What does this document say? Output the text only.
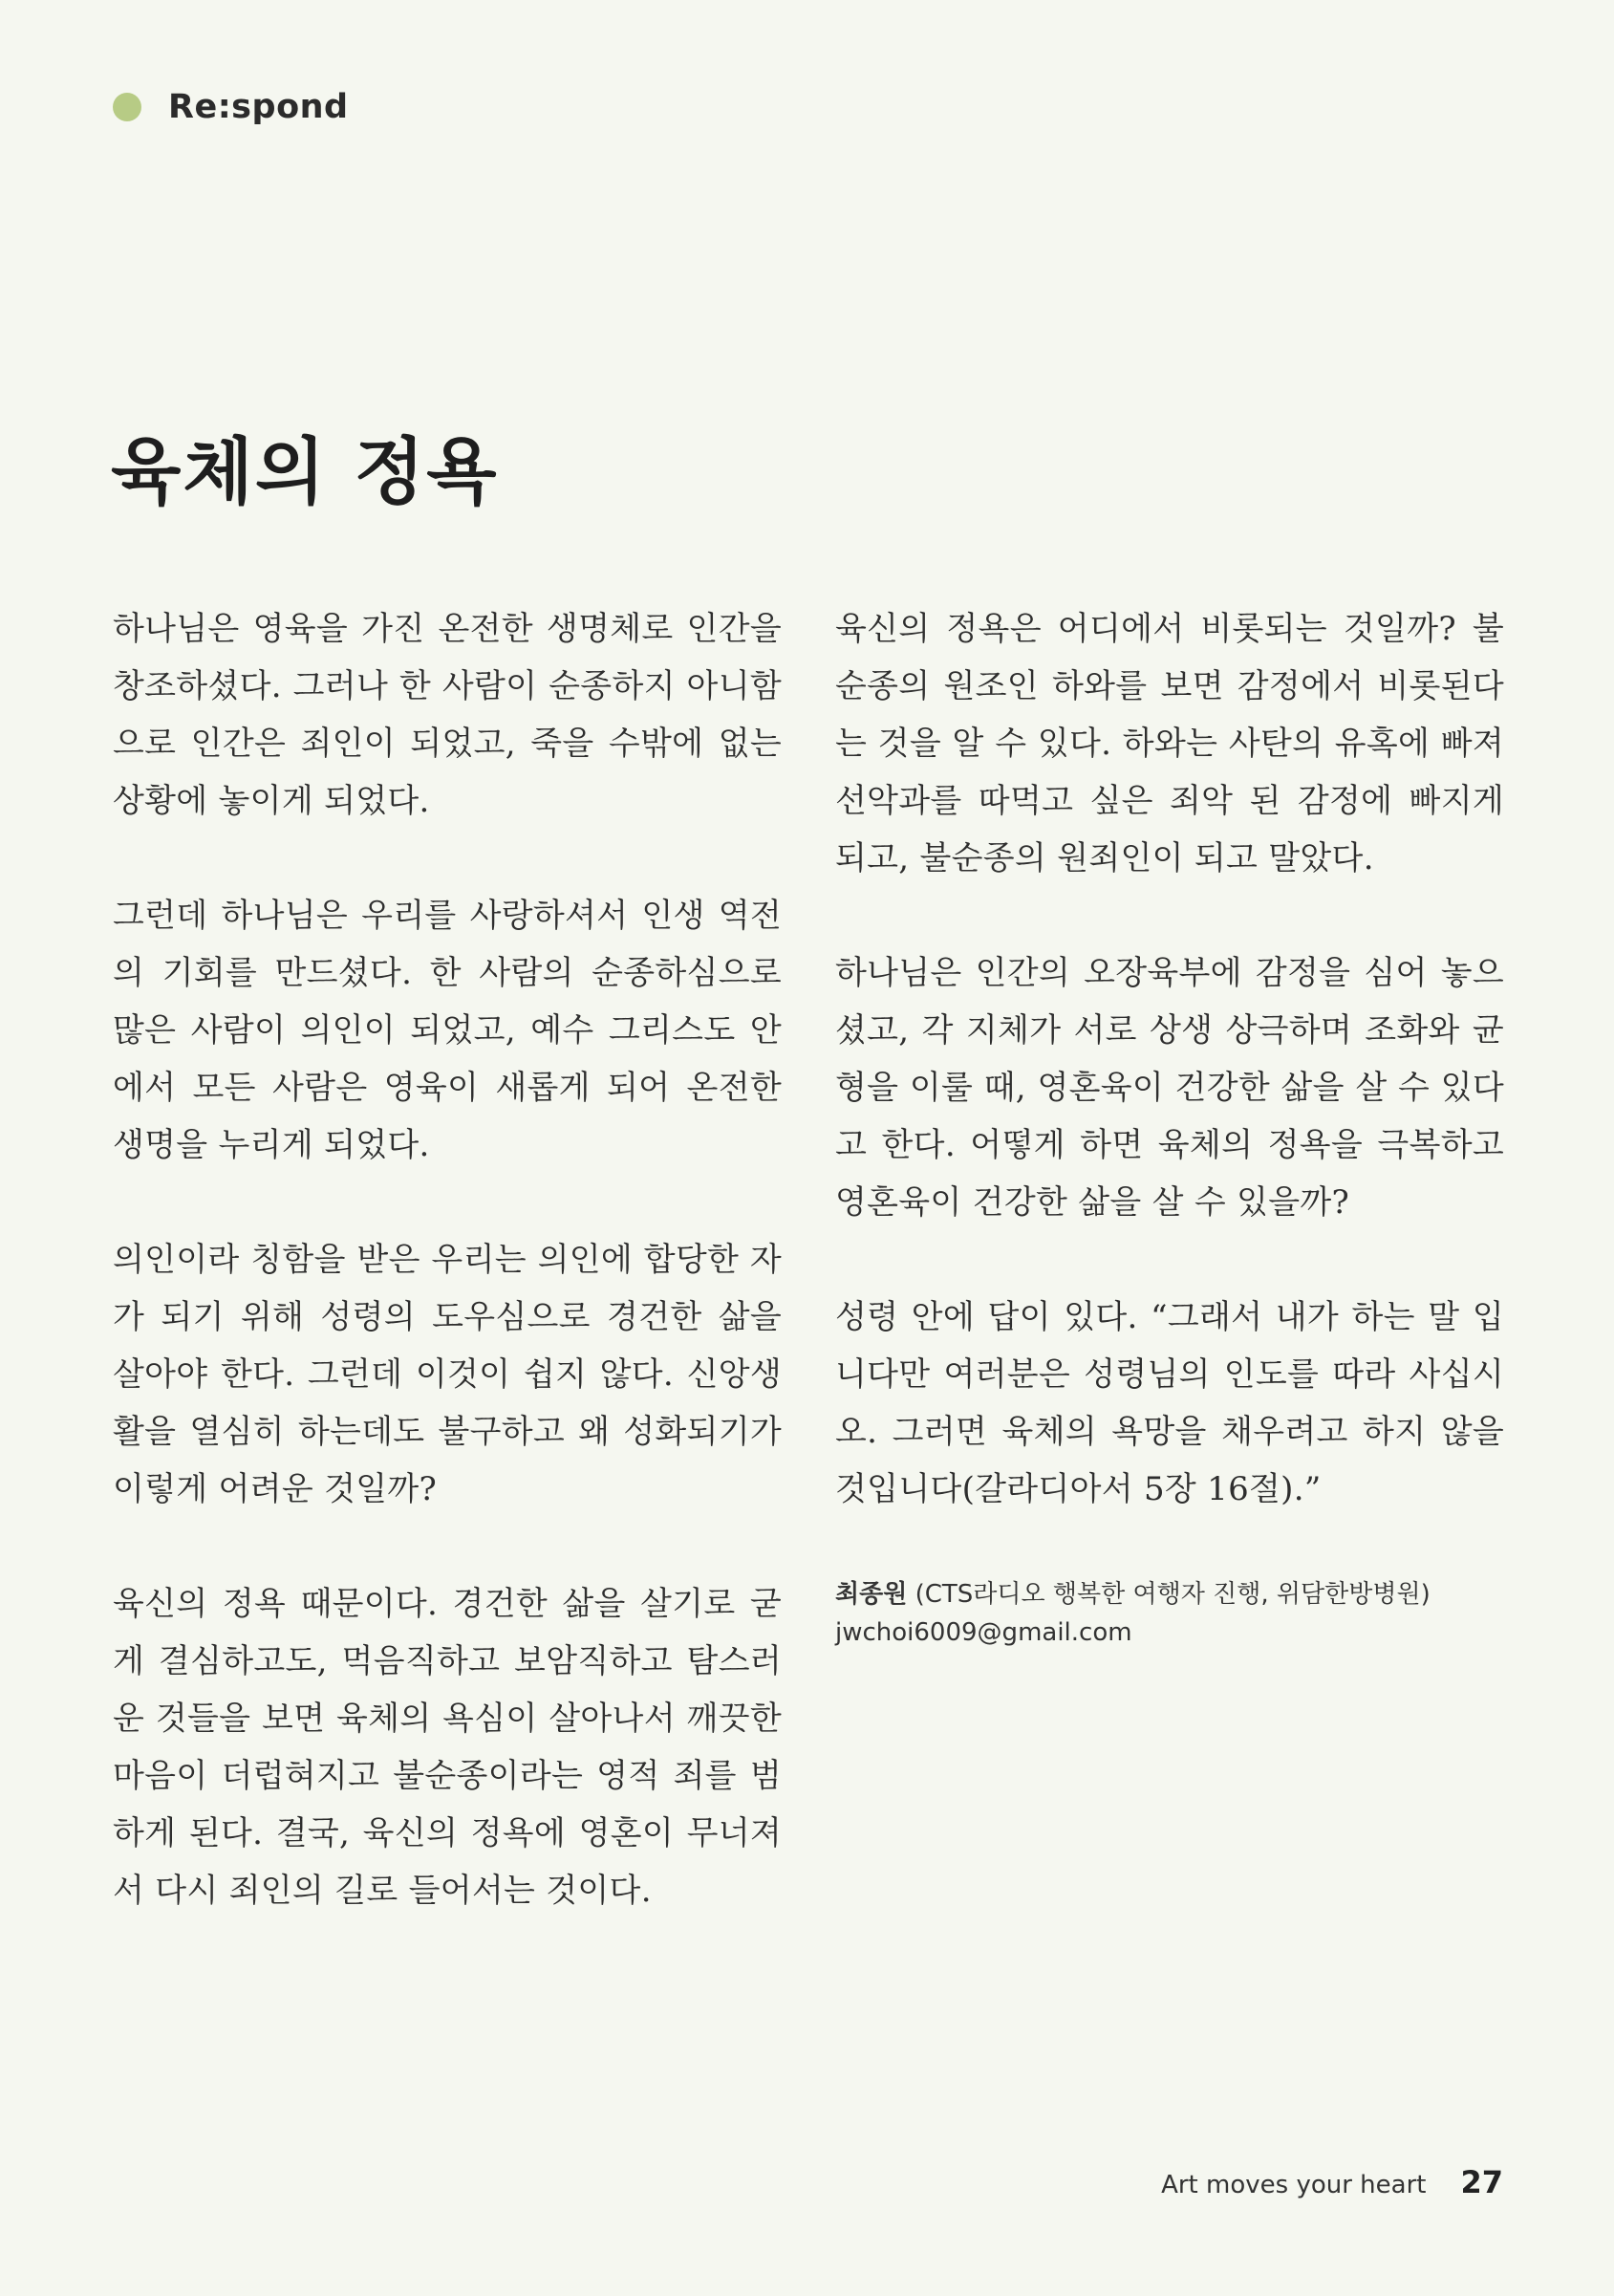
Re:spond
육체의 정욕

하나님은 영육을 가진 온전한 생명체로 인간을 창조하셨다. 그러나 한 사람이 순종하지 아니함으로 인간은 죄인이 되었고, 죽을 수밖에 없는 상황에 놓이게 되었다.

그런데 하나님은 우리를 사랑하셔서 인생 역전의 기회를 만드셨다. 한 사람의 순종하심으로 많은 사람이 의인이 되었고, 예수 그리스도 안에서 모든 사람은 영육이 새롭게 되어 온전한 생명을 누리게 되었다.

의인이라 칭함을 받은 우리는 의인에 합당한 자가 되기 위해 성령의 도우심으로 경건한 삶을 살아야 한다. 그런데 이것이 쉽지 않다. 신앙생활을 열심히 하는데도 불구하고 왜 성화되기가 이렇게 어려운 것일까?

육신의 정욕 때문이다. 경건한 삶을 살기로 굳게 결심하고도, 먹음직하고 보암직하고 탐스러운 것들을 보면 육체의 욕심이 살아나서 깨끗한 마음이 더럽혀지고 불순종이라는 영적 죄를 범하게 된다. 결국, 육신의 정욕에 영혼이 무너져서 다시 죄인의 길로 들어서는 것이다.

육신의 정욕은 어디에서 비롯되는 것일까? 불순종의 원조인 하와를 보면 감정에서 비롯된다는 것을 알 수 있다. 하와는 사탄의 유혹에 빠져 선악과를 따먹고 싶은 죄악 된 감정에 빠지게 되고, 불순종의 원죄인이 되고 말았다.

하나님은 인간의 오장육부에 감정을 심어 놓으셨고, 각 지체가 서로 상생 상극하며 조화와 균형을 이룰 때, 영혼육이 건강한 삶을 살 수 있다고 한다. 어떻게 하면 육체의 정욕을 극복하고 영혼육이 건강한 삶을 살 수 있을까?

성령 안에 답이 있다. “그래서 내가 하는 말 입니다만 여러분은 성령님의 인도를 따라 사십시오. 그러면 육체의 욕망을 채우려고 하지 않을 것입니다(갈라디아서 5장 16절).”

최종원 (CTS라디오 행복한 여행자 진행, 위담한방병원)
jwchoi6009@gmail.com
Art moves your heart 27
